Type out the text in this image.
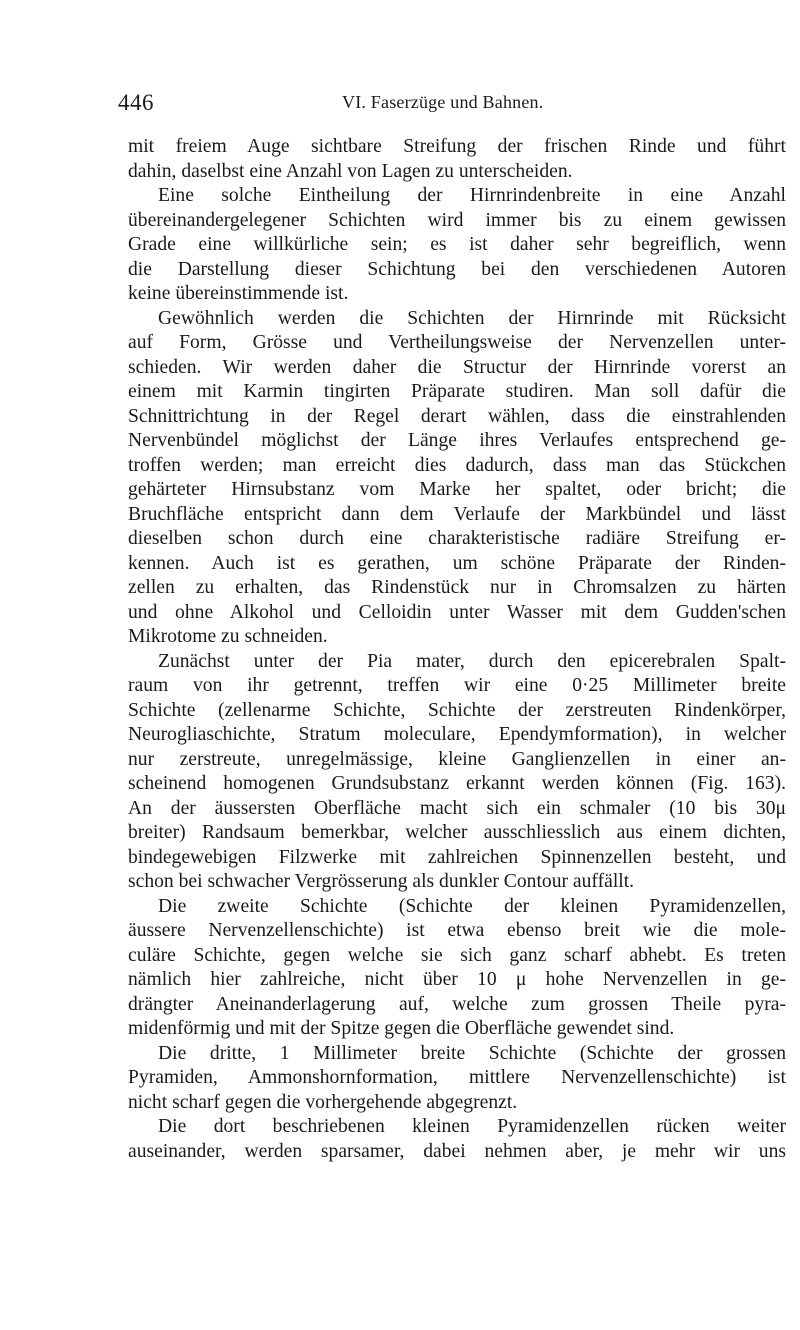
446	VI. Faserzüge und Bahnen.
mit freiem Auge sichtbare Streifung der frischen Rinde und führt
dahin, daselbst eine Anzahl von Lagen zu unterscheiden.
Eine solche Eintheilung der Hirnrindenbreite in eine Anzahl
übereinandergelegener Schichten wird immer bis zu einem gewissen
Grade eine willkürliche sein; es ist daher sehr begreiflich, wenn
die Darstellung dieser Schichtung bei den verschiedenen Autoren
keine übereinstimmende ist.
Gewöhnlich werden die Schichten der Hirnrinde mit Rücksicht
auf Form, Grösse und Vertheilungsweise der Nervenzellen unter-
schieden. Wir werden daher die Structur der Hirnrinde vorerst an
einem mit Karmin tingirten Präparate studiren. Man soll dafür die
Schnittrichtung in der Regel derart wählen, dass die einstrahlenden
Nervenbündel möglichst der Länge ihres Verlaufes entsprechend ge-
troffen werden; man erreicht dies dadurch, dass man das Stückchen
gehärteter Hirnsubstanz vom Marke her spaltet, oder bricht; die
Bruchfläche entspricht dann dem Verlaufe der Markbündel und lässt
dieselben schon durch eine charakteristische radiäre Streifung er-
kennen. Auch ist es gerathen, um schöne Präparate der Rinden-
zellen zu erhalten, das Rindenstück nur in Chromsalzen zu härten
und ohne Alkohol und Celloidin unter Wasser mit dem Gudden'schen
Mikrotome zu schneiden.
Zunächst unter der Pia mater, durch den epicerebralen Spalt-
raum von ihr getrennt, treffen wir eine 0·25 Millimeter breite
Schichte (zellenarme Schichte, Schichte der zerstreuten Rindenkörper,
Neurogliaschichte, Stratum moleculare, Ependymformation), in welcher
nur zerstreute, unregelmässige, kleine Ganglienzellen in einer an-
scheinend homogenen Grundsubstanz erkannt werden können (Fig. 163).
An der äussersten Oberfläche macht sich ein schmaler (10 bis 30μ
breiter) Randsaum bemerkbar, welcher ausschliesslich aus einem dichten,
bindegewebigen Filzwerke mit zahlreichen Spinnenzellen besteht, und
schon bei schwacher Vergrösserung als dunkler Contour auffällt.
Die zweite Schichte (Schichte der kleinen Pyramidenzellen,
äussere Nervenzellenschichte) ist etwa ebenso breit wie die mole-
culäre Schichte, gegen welche sie sich ganz scharf abhebt. Es treten
nämlich hier zahlreiche, nicht über 10 μ hohe Nervenzellen in ge-
drängter Aneinanderlagerung auf, welche zum grossen Theile pyra-
midenförmig und mit der Spitze gegen die Oberfläche gewendet sind.
Die dritte, 1 Millimeter breite Schichte (Schichte der grossen
Pyramiden, Ammonshornformation, mittlere Nervenzellenschichte) ist
nicht scharf gegen die vorhergehende abgegrenzt.
Die dort beschriebenen kleinen Pyramidenzellen rücken weiter
auseinander, werden sparsamer, dabei nehmen aber, je mehr wir uns
